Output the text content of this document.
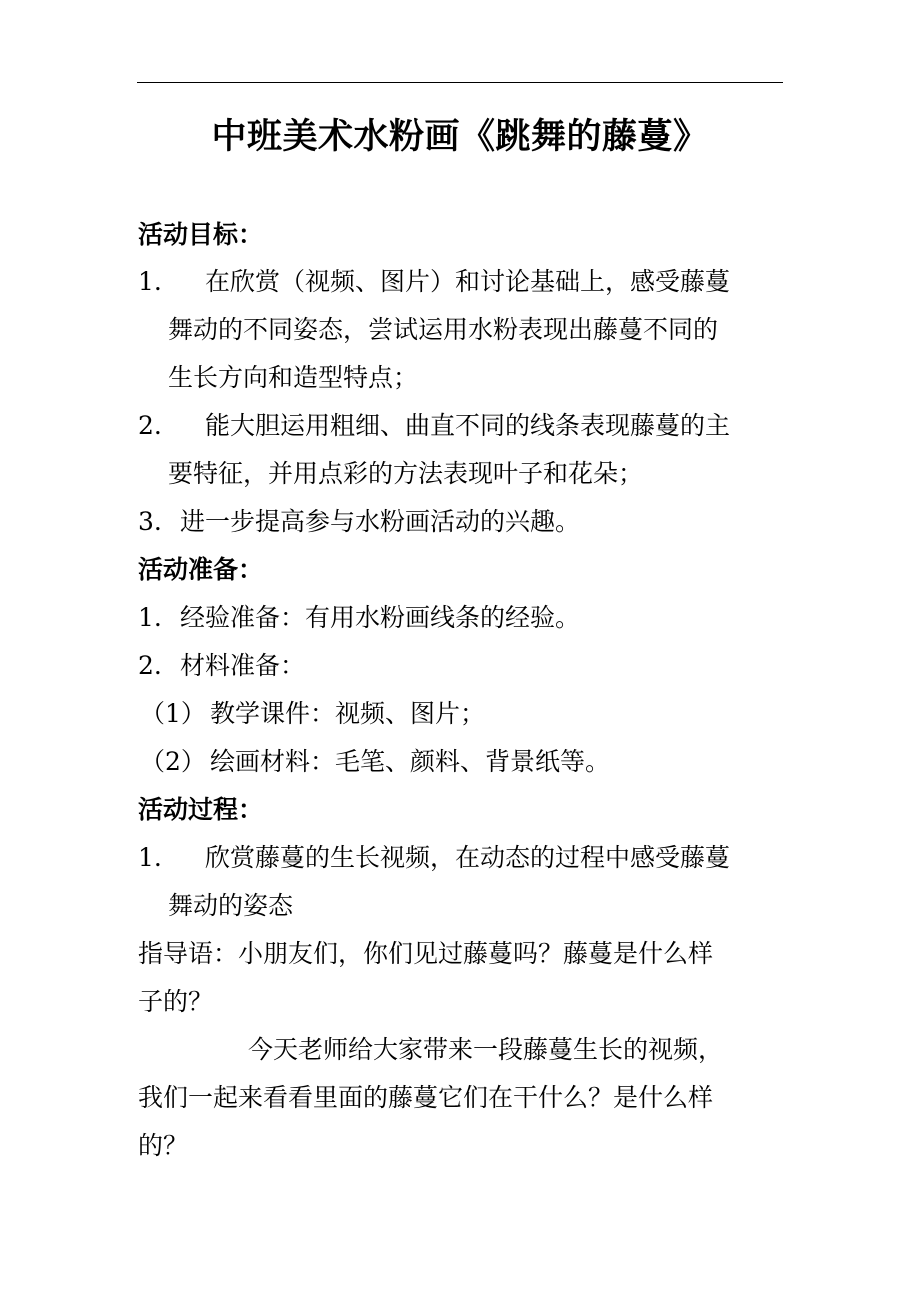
中班美术水粉画《跳舞的藤蔓》
活动目标：
1. 在欣赏（视频、图片）和讨论基础上，感受藤蔓
舞动的不同姿态，尝试运用水粉表现出藤蔓不同的
生长方向和造型特点；
2. 能大胆运用粗细、曲直不同的线条表现藤蔓的主
要特征，并用点彩的方法表现叶子和花朵；
3. 进一步提高参与水粉画活动的兴趣。
活动准备：
1. 经验准备：有用水粉画线条的经验。
2. 材料准备：
（1） 教学课件：视频、图片；
（2） 绘画材料：毛笔、颜料、背景纸等。
活动过程：
1. 欣赏藤蔓的生长视频，在动态的过程中感受藤蔓
舞动的姿态
指导语：小朋友们，你们见过藤蔓吗？藤蔓是什么样
子的？
今天老师给大家带来一段藤蔓生长的视频，
我们一起来看看里面的藤蔓它们在干什么？是什么样
的？
